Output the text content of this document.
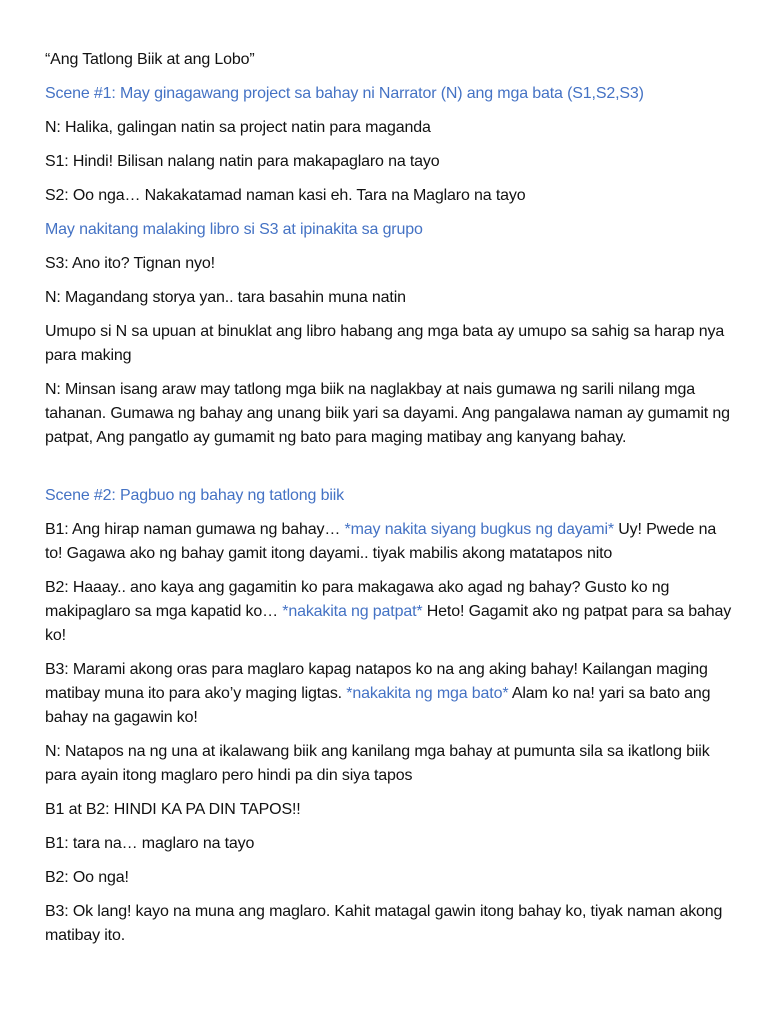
“Ang Tatlong Biik at ang Lobo”

Scene #1: May ginagawang project sa bahay ni Narrator (N) ang mga bata (S1,S2,S3)

N: Halika, galingan natin sa project natin para maganda

S1: Hindi! Bilisan nalang natin para makapaglaro na tayo

S2: Oo nga… Nakakatamad naman kasi eh. Tara na Maglaro na tayo

May nakitang malaking libro si S3 at ipinakita sa grupo

S3: Ano ito? Tignan nyo!

N: Magandang storya yan.. tara basahin muna natin

Umupo si N sa upuan at binuklat ang libro habang ang mga bata ay umupo sa sahig sa harap nya para making

N: Minsan isang araw may tatlong mga biik na naglakbay at nais gumawa ng sarili nilang mga tahanan. Gumawa ng bahay ang unang biik yari sa dayami. Ang pangalawa naman ay gumamit ng patpat, Ang pangatlo ay gumamit ng bato para maging matibay ang kanyang bahay.

Scene #2: Pagbuo ng bahay ng tatlong biik

B1: Ang hirap naman gumawa ng bahay… *may nakita siyang bugkus ng dayami* Uy! Pwede na to! Gagawa ako ng bahay gamit itong dayami.. tiyak mabilis akong matatapos nito

B2: Haaay.. ano kaya ang gagamitin ko para makagawa ako agad ng bahay? Gusto ko ng makipaglaro sa mga kapatid ko… *nakakita ng patpat* Heto! Gagamit ako ng patpat para sa bahay ko!

B3: Marami akong oras para maglaro kapag natapos ko na ang aking bahay! Kailangan maging matibay muna ito para ako’y maging ligtas. *nakakita ng mga bato* Alam ko na! yari sa bato ang bahay na gagawin ko!

N: Natapos na ng una at ikalawang biik ang kanilang mga bahay at pumunta sila sa ikatlong biik para ayain itong maglaro pero hindi pa din siya tapos

B1 at B2: HINDI KA PA DIN TAPOS!!

B1: tara na… maglaro na tayo

B2: Oo nga!

B3: Ok lang! kayo na muna ang maglaro. Kahit matagal gawin itong bahay ko, tiyak naman akong matibay ito.
